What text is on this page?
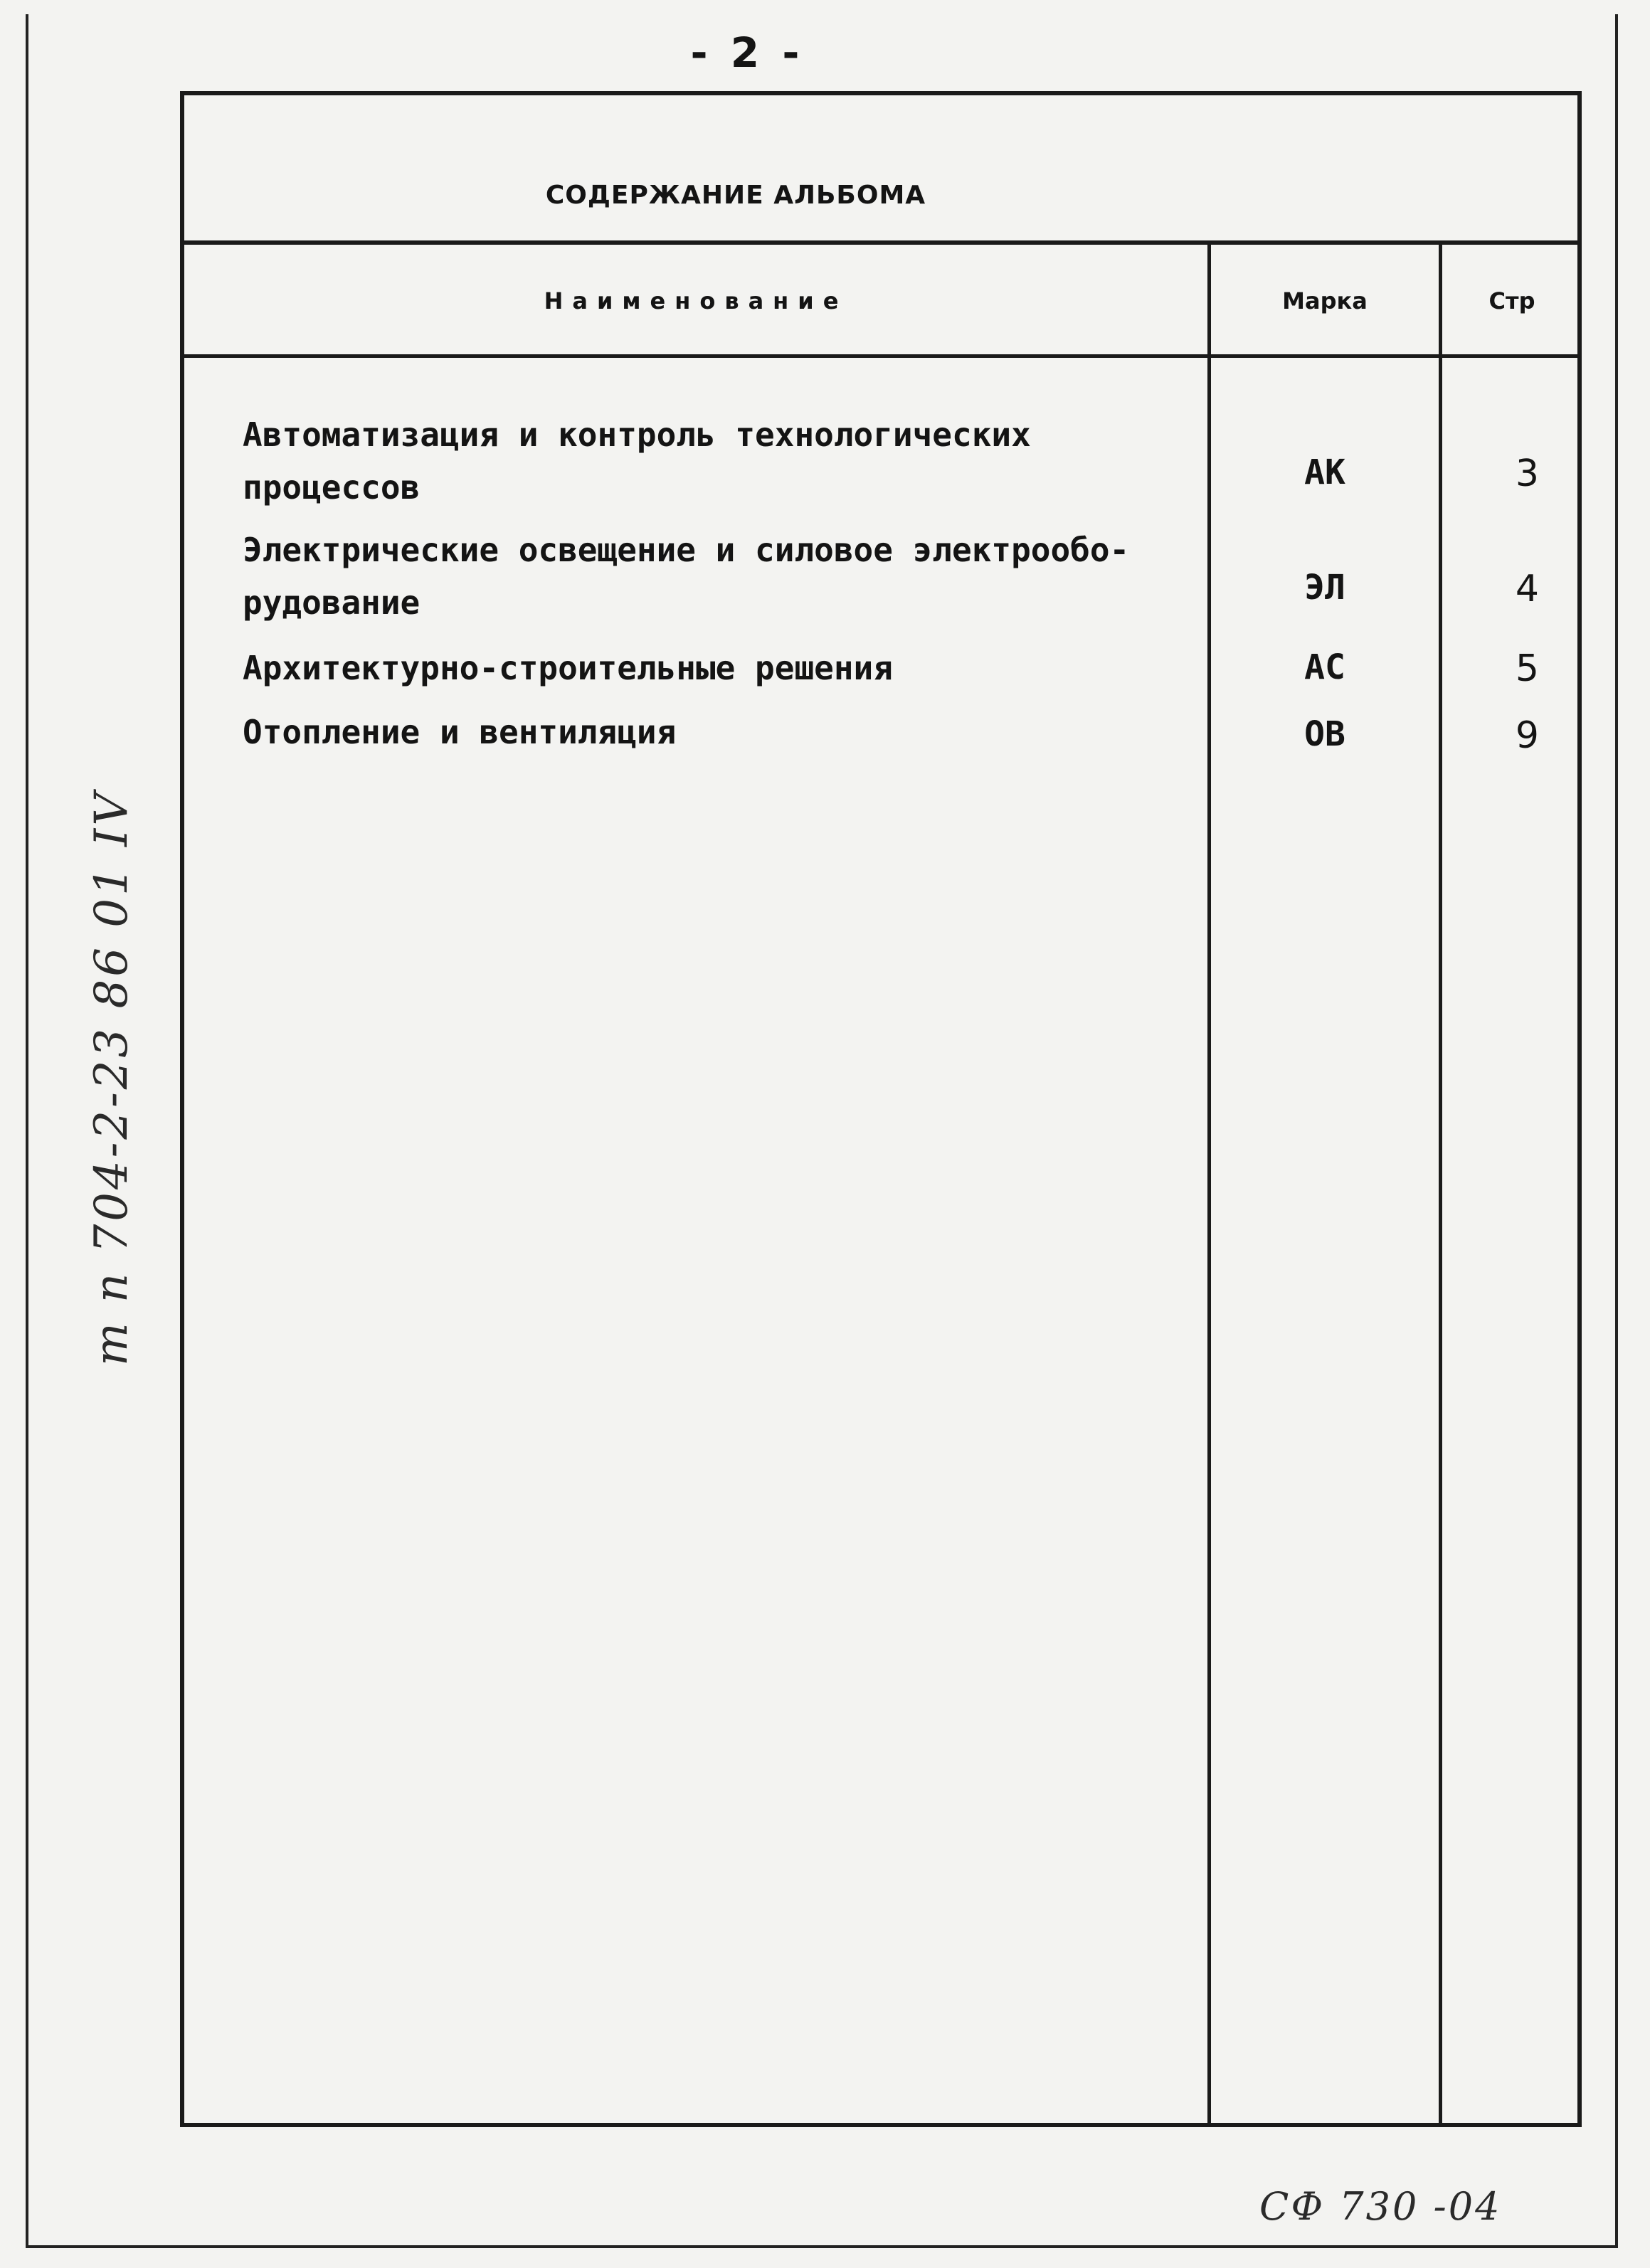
- 2 -
СОДЕРЖАНИЕ АЛЬБОМА
Наименование	Марка	Стр
Автоматизация и контроль технологических процессов	АК	3
Электрические освещение и силовое электрообо- рудование	ЭЛ	4
Архитектурно-строительные решения	АС	5
Отопление и вентиляция	ОВ	9
т п 704-2-23 86 01 IV
СФ 730 -04
